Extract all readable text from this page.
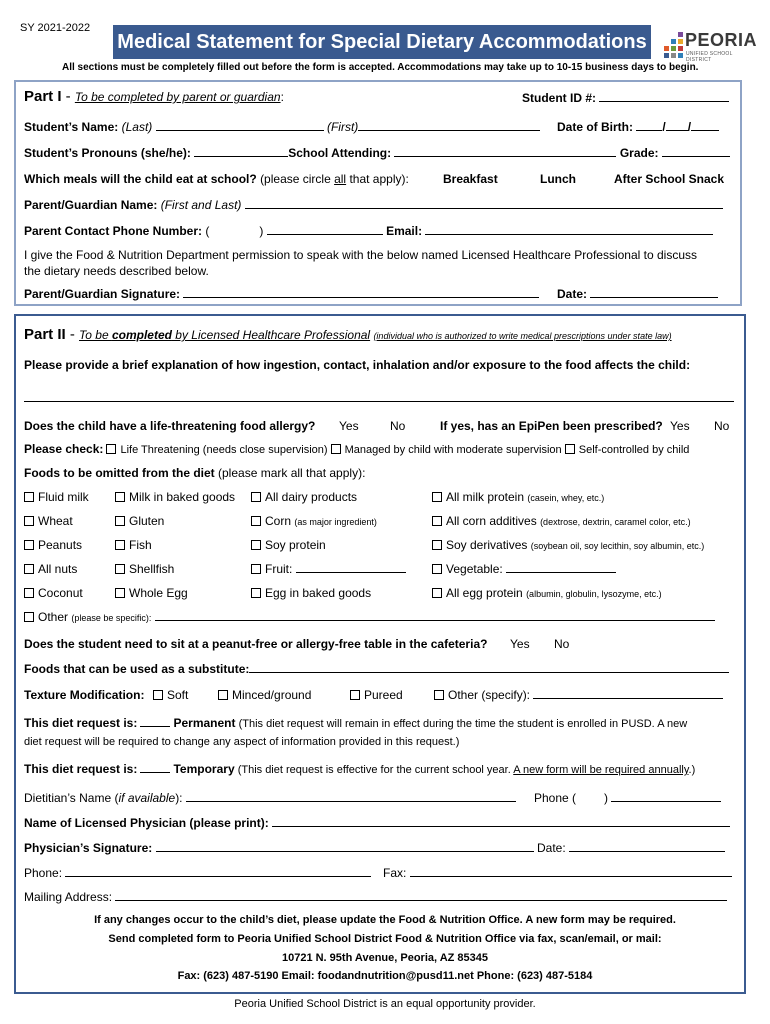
SY 2021-2022
Medical Statement for Special Dietary Accommodations PEORIA
UNIFIED SCHOOL DISTRICT
All sections must be completely filled out before the form is accepted. Accommodations may take up to 10-15 business days to begin.
Part I - To be completed by parent or guardian:	Student ID #:
Student’s Name: (Last)	(First)	Date of Birth: / /
Student’s Pronouns (she/he):	School Attending:	Grade:
Which meals will the child eat at school? (please circle all that apply):	Breakfast	Lunch	After School Snack
Parent/Guardian Name: (First and Last)
Parent Contact Phone Number: (	)	Email:
I give the Food & Nutrition Department permission to speak with the below named Licensed Healthcare Professional to discuss
the dietary needs described below.
Parent/Guardian Signature:	Date:
Part II - To be completed by Licensed Healthcare Professional (individual who is authorized to write medical prescriptions under state law)
Please provide a brief explanation of how ingestion, contact, inhalation and/or exposure to the food affects the child:
Does the child have a life-threatening food allergy? Yes	No	If yes, has an EpiPen been prescribed? Yes No
Please check: Life Threatening (needs close supervision) Managed by child with moderate supervision Self-controlled by child
Foods to be omitted from the diet (please mark all that apply):
Fluid milk	Milk in baked goods	All dairy products	All milk protein (casein, whey, etc.)
Wheat	Gluten	Corn (as major ingredient)	All corn additives (dextrose, dextrin, caramel color, etc.)
Peanuts	Fish	Soy protein	Soy derivatives (soybean oil, soy lecithin, soy albumin, etc.)
All nuts	Shellfish	Fruit:	Vegetable:
Coconut	Whole Egg	Egg in baked goods	All egg protein (albumin, globulin, lysozyme, etc.)
Other (please be specific):
Does the student need to sit at a peanut-free or allergy-free table in the cafeteria? Yes No
Foods that can be used as a substitute:
Texture Modification:	Soft	Minced/ground	Pureed	Other (specify):
This diet request is:	Permanent (This diet request will remain in effect during the time the student is enrolled in PUSD. A new
diet request will be required to change any aspect of information provided in this request.)
This diet request is:	Temporary (This diet request is effective for the current school year. A new form will be required annually.)
Dietitian’s Name (if available):	Phone ( )
Name of Licensed Physician (please print):
Physician’s Signature:	Date:
Phone:	Fax:
Mailing Address:
If any changes occur to the child’s diet, please update the Food & Nutrition Office. A new form may be required.
Send completed form to Peoria Unified School District Food & Nutrition Office via fax, scan/email, or mail:
10721 N. 95th Avenue, Peoria, AZ 85345
Fax: (623) 487-5190 Email: foodandnutrition@pusd11.net Phone: (623) 487-5184
Peoria Unified School District is an equal opportunity provider.
